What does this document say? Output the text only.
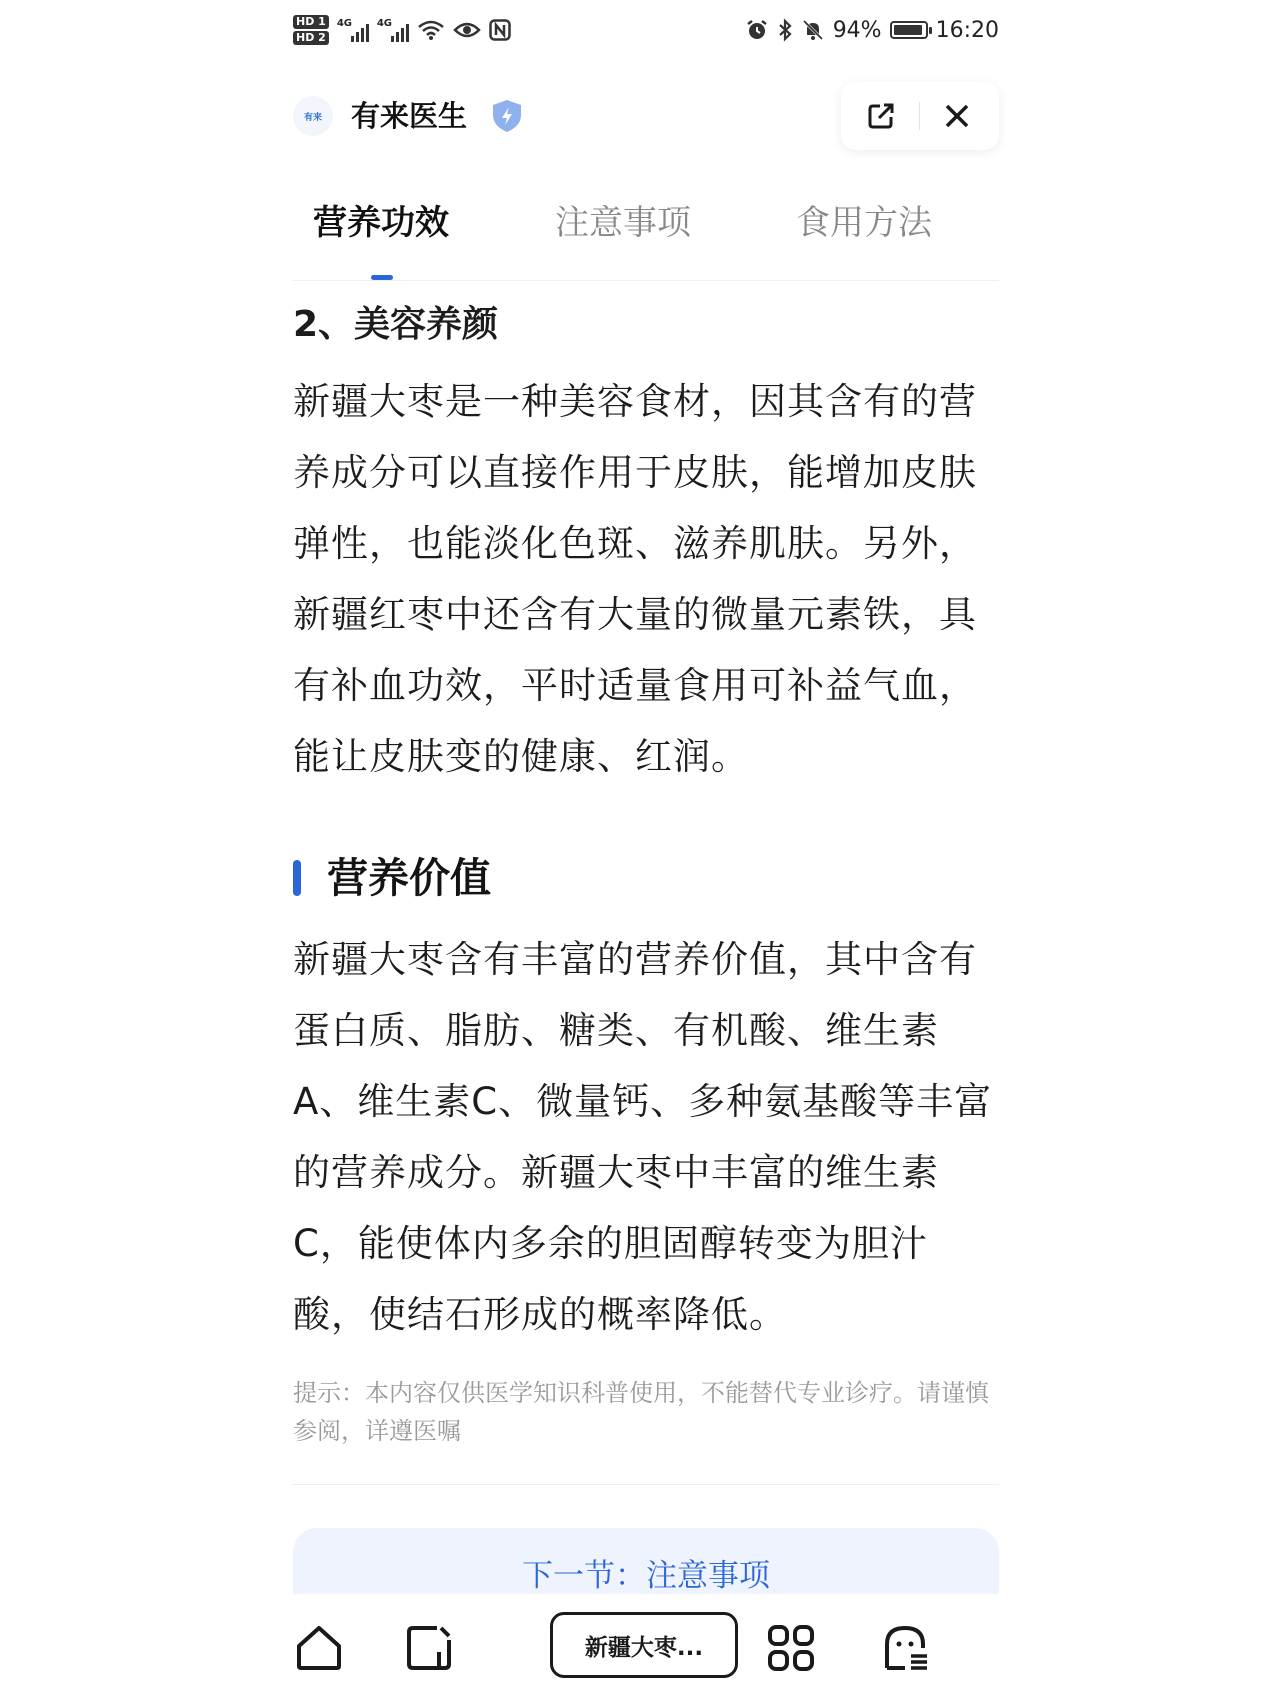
HD 1
HD 2
4G 4G	94% 16:20
有来 有来医生
营养功效	注意事项	食用方法

2、美容养颜

新疆大枣是一种美容食材，因其含有的营养成分可以直接作用于皮肤，能增加皮肤弹性，也能淡化色斑、滋养肌肤。另外，新疆红枣中还含有大量的微量元素铁，具有补血功效，平时适量食用可补益气血，能让皮肤变的健康、红润。

营养价值

新疆大枣含有丰富的营养价值，其中含有蛋白质、脂肪、糖类、有机酸、维生素A、维生素C、微量钙、多种氨基酸等丰富的营养成分。新疆大枣中丰富的维生素C，能使体内多余的胆固醇转变为胆汁酸，使结石形成的概率降低。

提示：本内容仅供医学知识科普使用，不能替代专业诊疗。请谨慎参阅，详遵医嘱
下一节：注意事项
新疆大枣...
